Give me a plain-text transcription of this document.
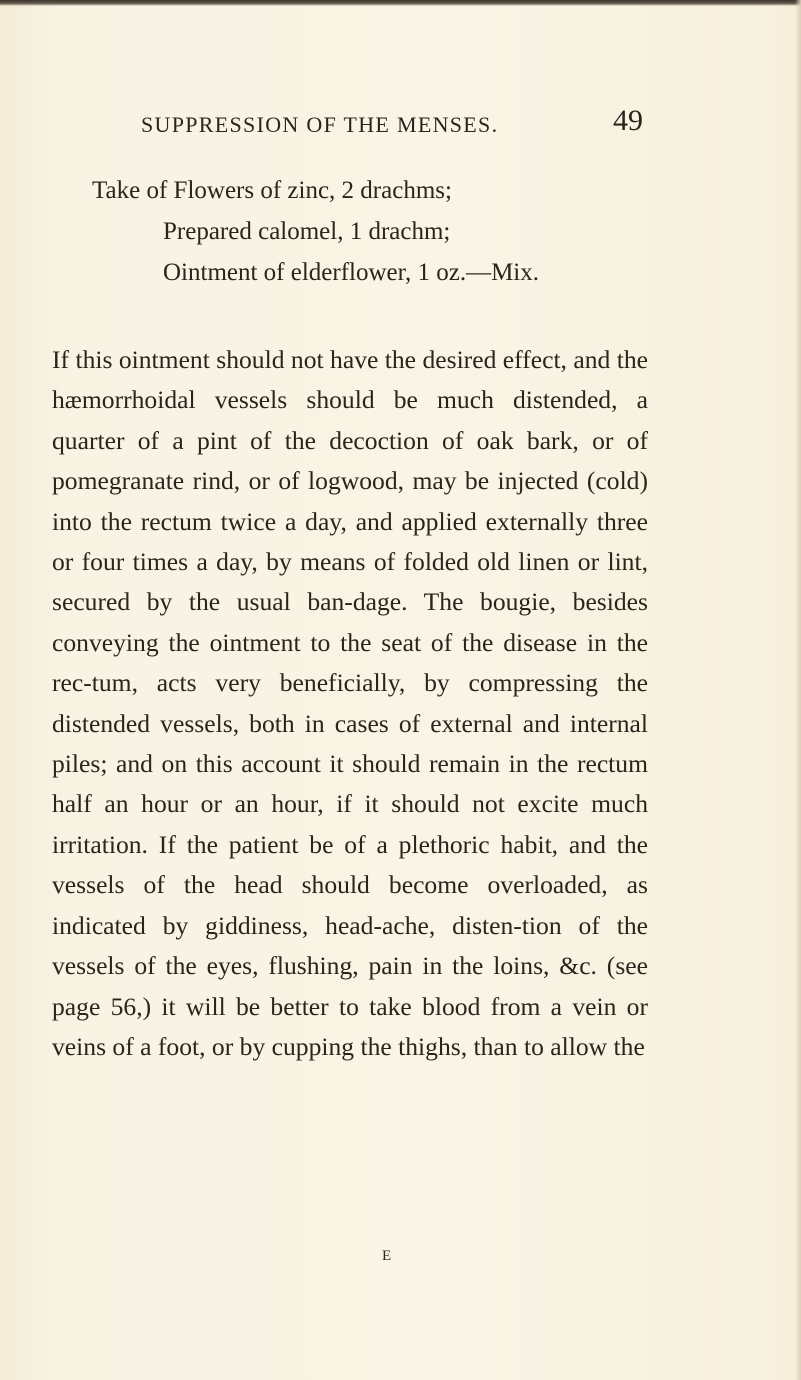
SUPPRESSION OF THE MENSES.	49
Take of Flowers of zinc, 2 drachms;
Prepared calomel, 1 drachm;
Ointment of elderflower, 1 oz.—Mix.

If this ointment should not have the desired effect, and the hæmorrhoidal vessels should be much distended, a quarter of a pint of the decoction of oak bark, or of pomegranate rind, or of logwood, may be injected (cold) into the rectum twice a day, and applied externally three or four times a day, by means of folded old linen or lint, secured by the usual ban-dage. The bougie, besides conveying the ointment to the seat of the disease in the rec-tum, acts very beneficially, by compressing the distended vessels, both in cases of external and internal piles; and on this account it should remain in the rectum half an hour or an hour, if it should not excite much irritation. If the patient be of a plethoric habit, and the vessels of the head should become overloaded, as indicated by giddiness, head-ache, disten-tion of the vessels of the eyes, flushing, pain in the loins, &c. (see page 56,) it will be better to take blood from a vein or veins of a foot, or by cupping the thighs, than to allow the

E
